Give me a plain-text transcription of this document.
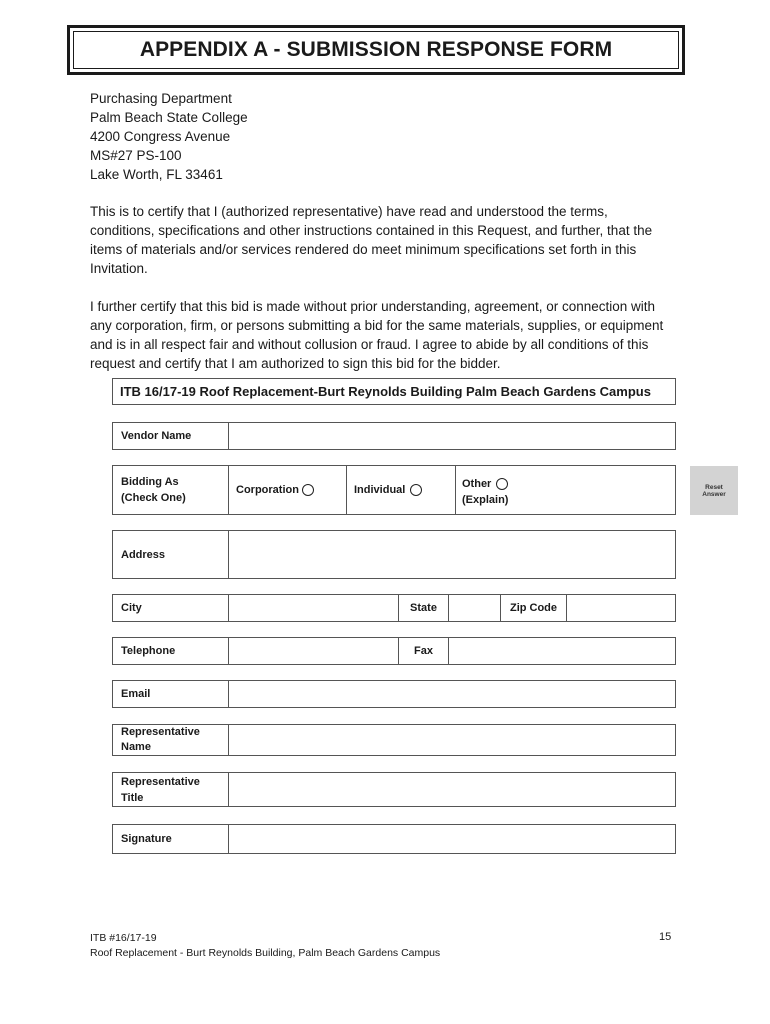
APPENDIX A - SUBMISSION RESPONSE FORM
Purchasing Department
Palm Beach State College
4200 Congress Avenue
MS#27 PS-100
Lake Worth, FL 33461
This is to certify that I (authorized representative) have read and understood the terms,
conditions, specifications and other instructions contained in this Request, and further, that the
items of materials and/or services rendered do meet minimum specifications set forth in this
Invitation.
I further certify that this bid is made without prior understanding, agreement, or connection with
any corporation, firm, or persons submitting a bid for the same materials, supplies, or equipment
and is in all respect fair and without collusion or fraud. I agree to abide by all conditions of this
request and certify that I am authorized to sign this bid for the bidder.
ITB 16/17-19 Roof Replacement-Burt Reynolds Building Palm Beach Gardens Campus
Vendor Name
Bidding As
(Check One)
Corporation	Individual
Other
(Explain)
Reset Answer
Address
City	State	Zip Code
Telephone	Fax
Email
Representative
Name
Representative
Title
Signature
ITB #16/17-19
Roof Replacement - Burt Reynolds Building, Palm Beach Gardens Campus
15
